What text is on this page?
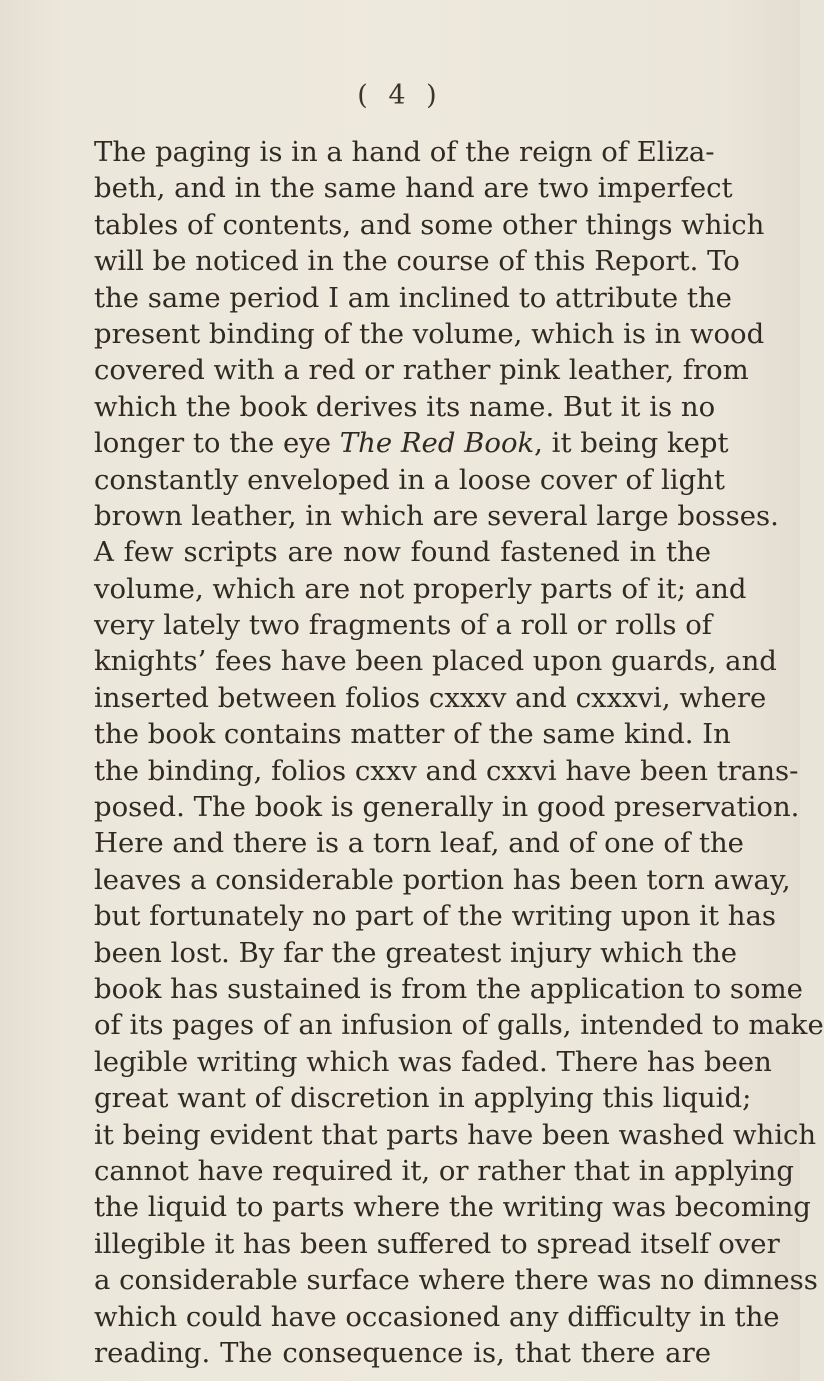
( 4 )
The paging is in a hand of the reign of Eliza-
beth, and in the same hand are two imperfect
tables of contents, and some other things which
will be noticed in the course of this Report. To
the same period I am inclined to attribute the
present binding of the volume, which is in wood
covered with a red or rather pink leather, from
which the book derives its name. But it is no
longer to the eye The Red Book, it being kept
constantly enveloped in a loose cover of light
brown leather, in which are several large bosses.
A few scripts are now found fastened in the
volume, which are not properly parts of it; and
very lately two fragments of a roll or rolls of
knights’ fees have been placed upon guards, and
inserted between folios cxxxv and cxxxvi, where
the book contains matter of the same kind. In
the binding, folios cxxv and cxxvi have been trans-
posed. The book is generally in good preservation.
Here and there is a torn leaf, and of one of the
leaves a considerable portion has been torn away,
but fortunately no part of the writing upon it has
been lost. By far the greatest injury which the
book has sustained is from the application to some
of its pages of an infusion of galls, intended to make
legible writing which was faded. There has been
great want of discretion in applying this liquid;
it being evident that parts have been washed which
cannot have required it, or rather that in applying
the liquid to parts where the writing was becoming
illegible it has been suffered to spread itself over
a considerable surface where there was no dimness
which could have occasioned any difficulty in the
reading. The consequence is, that there are
